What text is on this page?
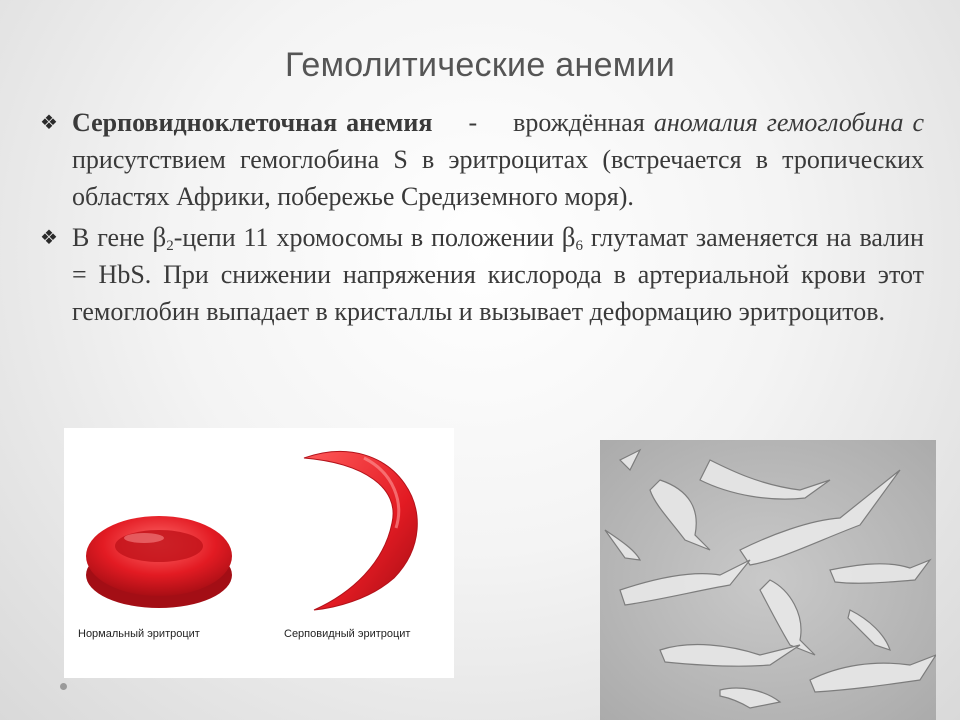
Гемолитические анемии

❖ Серповидноклеточная анемия - врождённая аномалия гемоглобина с присутствием гемоглобина S в эритроцитах (встречается в тропических областях Африки, побережье Средиземного моря).

❖ В гене $\beta_2$-цепи 11 хромосомы в положении $\beta_6$ глутамат заменяется на валин = HbS. При снижении напряжения кислорода в артериальной крови этот гемоглобин выпадает в кристаллы и вызывает деформацию эритроцитов.

Нормальный эритроцит	Серповидный эритроцит
